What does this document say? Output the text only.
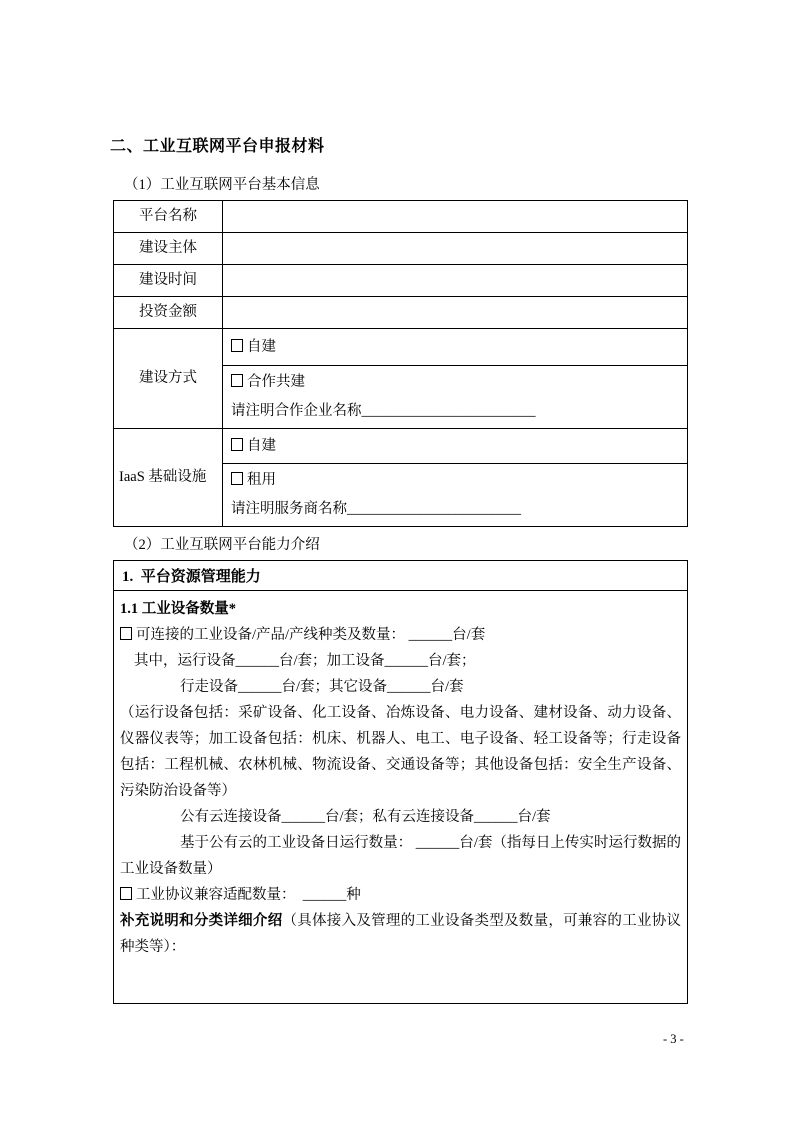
二、工业互联网平台申报材料
（1）工业互联网平台基本信息
平台名称	
建设主体	
建设时间	
投资金额	
建设方式	自建

	合作共建
请注明合作企业名称________________________

IaaS 基础设施	自建

	租用
请注明服务商名称________________________
（2）工业互联网平台能力介绍
1.  平台资源管理能力

1.1 工业设备数量*
可连接的工业设备/产品/产线种类及数量： ______台/套
其中，运行设备______台/套；加工设备______台/套；
行走设备______台/套；其它设备______台/套
（运行设备包括：采矿设备、化工设备、冶炼设备、电力设备、建材设备、动力设备、仪器仪表等；加工设备包括：机床、机器人、电工、电子设备、轻工设备等；行走设备包括：工程机械、农林机械、物流设备、交通设备等；其他设备包括：安全生产设备、污染防治设备等）
公有云连接设备______台/套；私有云连接设备______台/套
基于公有云的工业设备日运行数量： ______台/套（指每日上传实时运行数据的工业设备数量）
工业协议兼容适配数量：  ______种
补充说明和分类详细介绍（具体接入及管理的工业设备类型及数量，可兼容的工业协议种类等）：
- 3 -
